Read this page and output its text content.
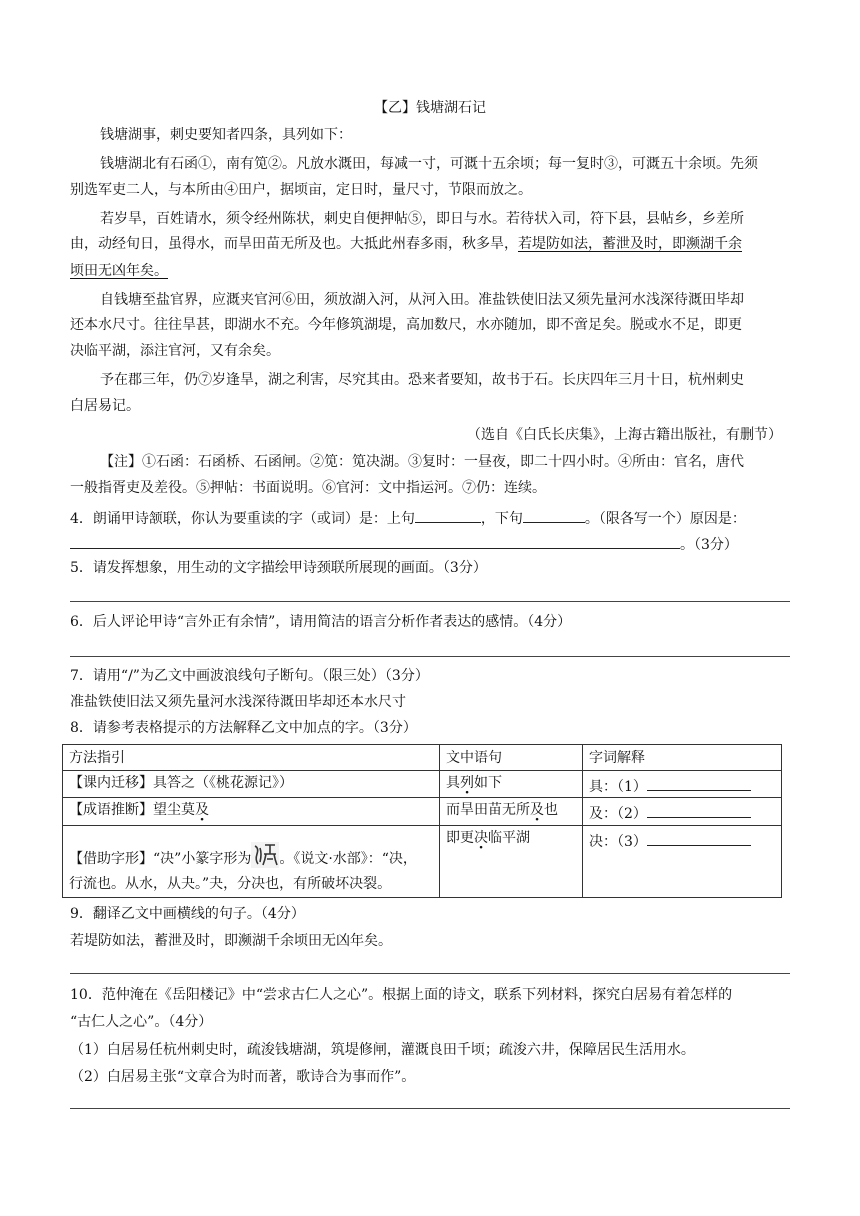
【乙】钱塘湖石记
钱塘湖事，刺史要知者四条，具列如下：
钱塘湖北有石函①，南有笕②。凡放水溉田，每减一寸，可溉十五余顷；每一复时③，可溉五十余顷。先须
别选军吏二人，与本所由④田户，据顷亩，定日时，量尺寸，节限而放之。
若岁旱，百姓请水，须令经州陈状，刺史自便押帖⑤，即日与水。若待状入司，符下县，县帖乡，乡差所
由，动经旬日，虽得水，而旱田苗无所及也。大抵此州春多雨，秋多旱，若堤防如法，蓄泄及时，即濒湖千余
顷田无凶年矣。
自钱塘至盐官界，应溉夹官河⑥田，须放湖入河，从河入田。准盐铁使旧法又须先量河水浅深待溉田毕却
还本水尺寸。往往旱甚，即湖水不充。今年修筑湖堤，高加数尺，水亦随加，即不啻足矣。脱或水不足，即更
决临平湖，添注官河，又有余矣。
予在郡三年，仍⑦岁逢旱，湖之利害，尽究其由。恐来者要知，故书于石。长庆四年三月十日，杭州刺史
白居易记。
（选自《白氏长庆集》，上海古籍出版社，有删节）
【注】①石函：石函桥、石函闸。②笕：笕决湖。③复时：一昼夜，即二十四小时。④所由：官名，唐代
一般指胥吏及差役。⑤押帖：书面说明。⑥官河：文中指运河。⑦仍：连续。
4．朗诵甲诗颔联，你认为要重读的字（或词）是：上句	，下句	。（限各写一个）原因是：
。（3分）
5．请发挥想象，用生动的文字描绘甲诗颈联所展现的画面。（3分）
6．后人评论甲诗“言外正有余情”，请用简洁的语言分析作者表达的感情。（4分）
7．请用“/”为乙文中画波浪线句子断句。（限三处）（3分）
准盐铁使旧法又须先量河水浅深待溉田毕却还本水尺寸
8．请参考表格提示的方法解释乙文中加点的字。（3分）
方法指引	文中语句	字词解释
【课内迁移】具答之（《桃花源记》）	具列如下	具：（1）
【成语推断】望尘莫及	而旱田苗无所及也	及：（2）
【借助字形】“决”小篆字形为 。《说文·水部》：“决，
行流也。从水，从夬。”夬，分决也，有所破坏决裂。	即更决临平湖	决：（3）
9．翻译乙文中画横线的句子。（4分）
若堤防如法，蓄泄及时，即濒湖千余顷田无凶年矣。
10．范仲淹在《岳阳楼记》中“尝求古仁人之心”。根据上面的诗文，联系下列材料，探究白居易有着怎样的
“古仁人之心”。（4分）
（1）白居易任杭州刺史时，疏浚钱塘湖，筑堤修闸，灌溉良田千顷；疏浚六井，保障居民生活用水。
（2）白居易主张“文章合为时而著，歌诗合为事而作”。
